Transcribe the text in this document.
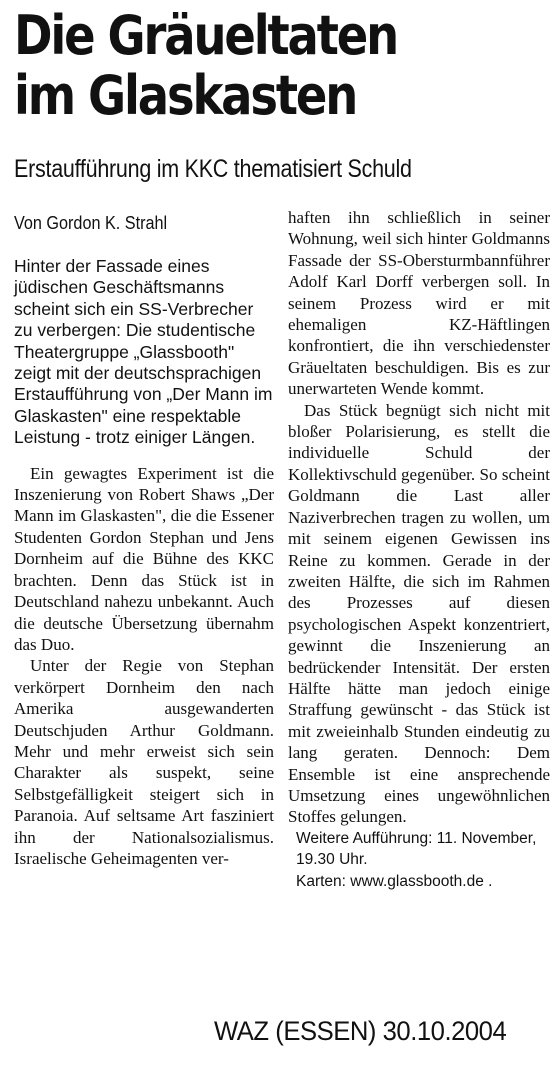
Die Gräueltaten
im Glaskasten
Erstaufführung im KKC thematisiert Schuld
Von Gordon K. Strahl

Hinter der Fassade eines jüdischen Geschäftsmanns scheint sich ein SS-Verbrecher zu verbergen: Die studentische Theatergruppe „Glassbooth" zeigt mit der deutschsprachigen Erstaufführung von „Der Mann im Glaskasten" eine respektable Leistung - trotz einiger Längen.

Ein gewagtes Experiment ist die Inszenierung von Robert Shaws „Der Mann im Glaskasten", die die Essener Studenten Gordon Stephan und Jens Dornheim auf die Bühne des KKC brachten. Denn das Stück ist in Deutschland nahezu unbekannt. Auch die deutsche Übersetzung übernahm das Duo.

Unter der Regie von Stephan verkörpert Dornheim den nach Amerika ausgewanderten Deutschjuden Arthur Goldmann. Mehr und mehr erweist sich sein Charakter als suspekt, seine Selbstgefälligkeit steigert sich in Paranoia. Auf seltsame Art fasziniert ihn der Nationalsozialismus. Israelische Geheimagenten ver-

haften ihn schließlich in seiner Wohnung, weil sich hinter Goldmanns Fassade der SS-Obersturmbannführer Adolf Karl Dorff verbergen soll. In seinem Prozess wird er mit ehemaligen KZ-Häftlingen konfrontiert, die ihn verschiedenster Gräueltaten beschuldigen. Bis es zur unerwarteten Wende kommt.

Das Stück begnügt sich nicht mit bloßer Polarisierung, es stellt die individuelle Schuld der Kollektivschuld gegenüber. So scheint Goldmann die Last aller Naziverbrechen tragen zu wollen, um mit seinem eigenen Gewissen ins Reine zu kommen. Gerade in der zweiten Hälfte, die sich im Rahmen des Prozesses auf diesen psychologischen Aspekt konzentriert, gewinnt die Inszenierung an bedrückender Intensität. Der ersten Hälfte hätte man jedoch einige Straffung gewünscht - das Stück ist mit zweieinhalb Stunden eindeutig zu lang geraten. Dennoch: Dem Ensemble ist eine ansprechende Umsetzung eines ungewöhnlichen Stoffes gelungen.

Weitere Aufführung: 11. November, 19.30 Uhr.

Karten: www.glassbooth.de .

WAZ (ESSEN) 30.10.2004
